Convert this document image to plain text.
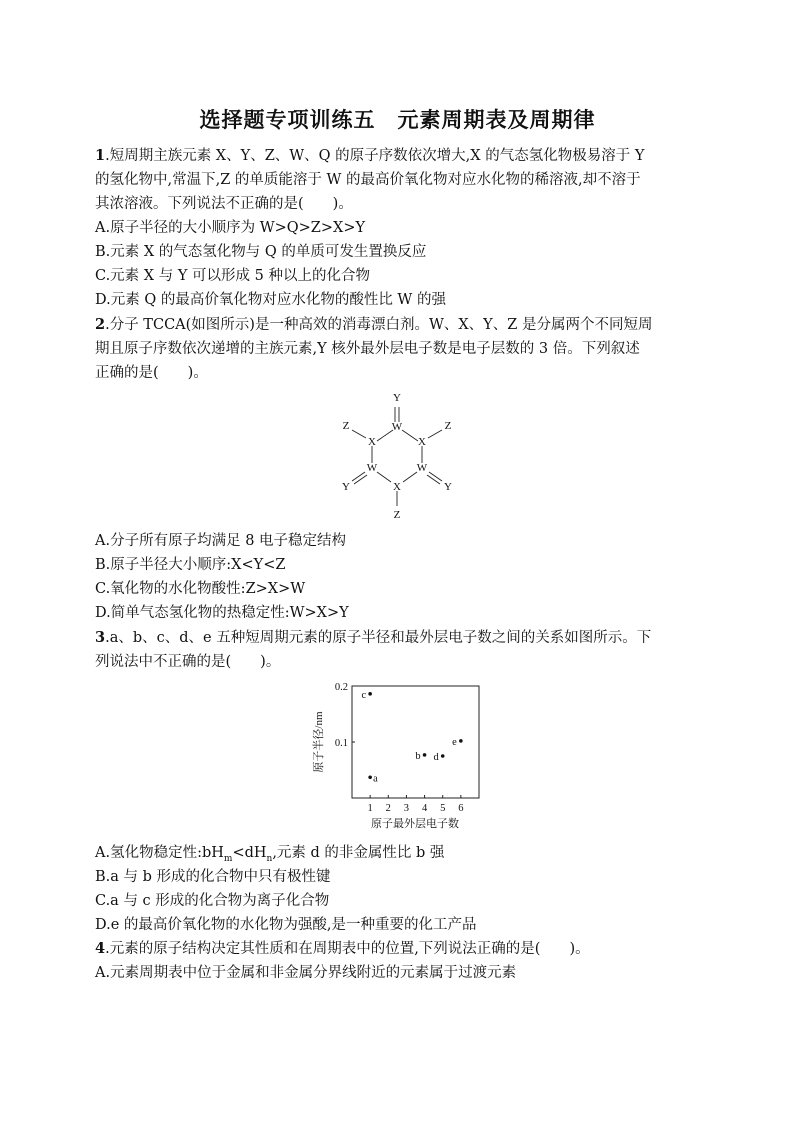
选择题专项训练五　元素周期表及周期律
1.短周期主族元素 X、Y、Z、W、Q 的原子序数依次增大,X 的气态氢化物极易溶于 Y
的氢化物中,常温下,Z 的单质能溶于 W 的最高价氧化物对应水化物的稀溶液,却不溶于
其浓溶液。下列说法不正确的是(　　)。
A.原子半径的大小顺序为 W>Q>Z>X>Y
B.元素 X 的气态氢化物与 Q 的单质可发生置换反应
C.元素 X 与 Y 可以形成 5 种以上的化合物
D.元素 Q 的最高价氧化物对应水化物的酸性比 W 的强
2.分子 TCCA(如图所示)是一种高效的消毒漂白剂。W、X、Y、Z 是分属两个不同短周
期且原子序数依次递增的主族元素,Y 核外最外层电子数是电子层数的 3 倍。下列叙述
正确的是(　　)。
Y
W
Z
X	X
Z
W	W
Y	Y
X
Z
A.分子所有原子均满足 8 电子稳定结构
B.原子半径大小顺序:X<Y<Z
C.氧化物的水化物酸性:Z>X>W
D.简单气态氢化物的热稳定性:W>X>Y
3.a、b、c、d、e 五种短周期元素的原子半径和最外层电子数之间的关系如图所示。下
列说法中不正确的是(　　)。
1 2 3 4 5 6
0.1
0.2
c
a
b d
e
原子最外层电子数
原子半径/nm
A.氢化物稳定性$:bH_m<dH_n$,元素 d 的非金属性比 b 强
B.a 与 b 形成的化合物中只有极性键
C.a 与 c 形成的化合物为离子化合物
D.e 的最高价氧化物的水化物为强酸,是一种重要的化工产品
4.元素的原子结构决定其性质和在周期表中的位置,下列说法正确的是(　　)。
A.元素周期表中位于金属和非金属分界线附近的元素属于过渡元素
